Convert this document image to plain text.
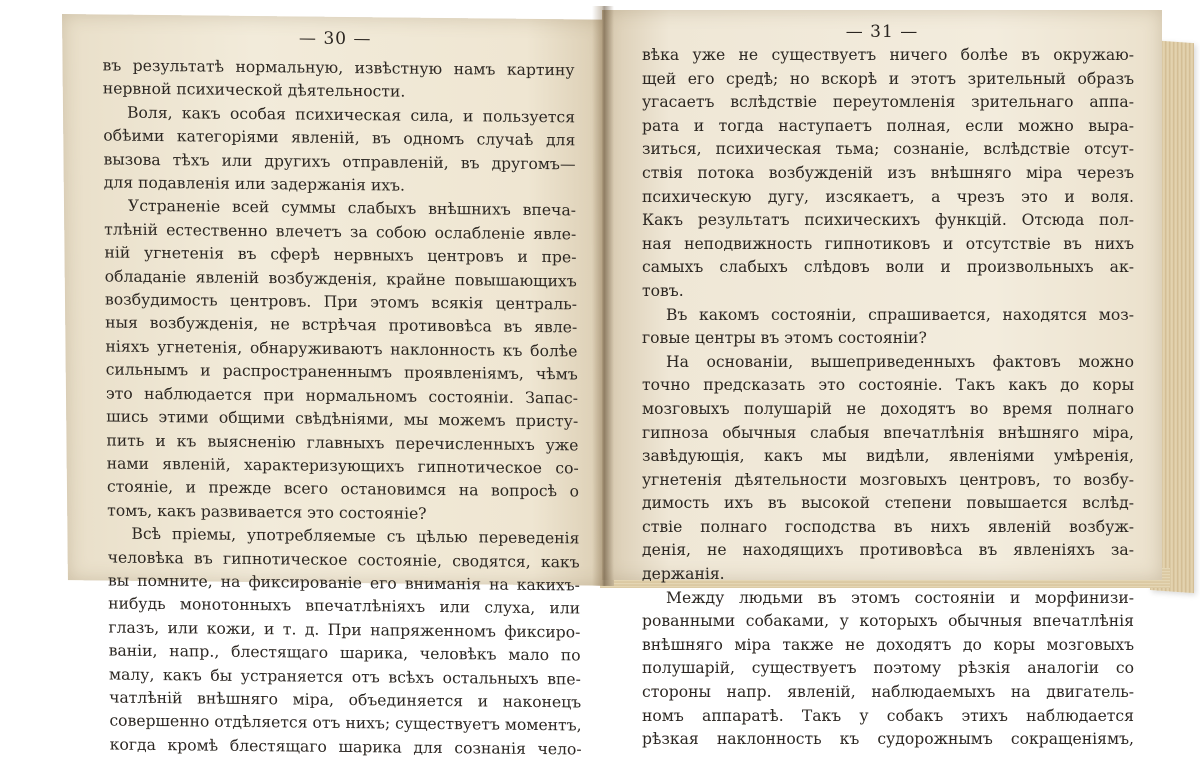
— 30 —
въ результатѣ нормальную, извѣстную намъ картину
нервной психической дѣятельности.
Воля, какъ особая психическая сила, и пользуется
обѣими категоріями явленій, въ одномъ случаѣ для
вызова тѣхъ или другихъ отправленій, въ другомъ—
для подавленія или задержанія ихъ.
Устраненіе всей суммы слабыхъ внѣшнихъ впеча-
тлѣній естественно влечетъ за собою ослабленіе явле-
ній угнетенія въ сферѣ нервныхъ центровъ и пре-
обладаніе явленій возбужденія, крайне повышающихъ
возбудимость центровъ. При этомъ всякія централь-
ныя возбужденія, не встрѣчая противовѣса въ явле-
ніяхъ угнетенія, обнаруживаютъ наклонность къ болѣе
сильнымъ и распространеннымъ проявленіямъ, чѣмъ
это наблюдается при нормальномъ состояніи. Запас-
шись этими общими свѣдѣніями, мы можемъ присту-
пить и къ выясненію главныхъ перечисленныхъ уже
нами явленій, характеризующихъ гипнотическое со-
стояніе, и прежде всего остановимся на вопросѣ о
томъ, какъ развивается это состояніе?
Всѣ пріемы, употребляемые съ цѣлью переведенія
человѣка въ гипнотическое состояніе, сводятся, какъ
вы помните, на фиксированіе его вниманія на какихъ-
нибудь монотонныхъ впечатлѣніяхъ или слуха, или
глазъ, или кожи, и т. д. При напряженномъ фиксиро-
ваніи, напр., блестящаго шарика, человѣкъ мало по
малу, какъ бы устраняется отъ всѣхъ остальныхъ впе-
чатлѣній внѣшняго міра, объединяется и наконецъ
совершенно отдѣляется отъ нихъ; существуетъ моментъ,
когда кромѣ блестящаго шарика для сознанія чело-
— 31 —
вѣка уже не существуетъ ничего болѣе въ окружаю-
щей его средѣ; но вскорѣ и этотъ зрительный образъ
угасаетъ вслѣдствіе переутомленія зрительнаго аппа-
рата и тогда наступаетъ полная, если можно выра-
зиться, психическая тьма; сознаніе, вслѣдствіе отсут-
ствія потока возбужденій изъ внѣшняго міра черезъ
психическую дугу, изсякаетъ, а чрезъ это и воля.
Какъ результатъ психическихъ функцій. Отсюда пол-
ная неподвижность гипнотиковъ и отсутствіе въ нихъ
самыхъ слабыхъ слѣдовъ воли и произвольныхъ ак-
товъ.
Въ какомъ состояніи, спрашивается, находятся моз-
говые центры въ этомъ состояніи?
На основаніи, вышеприведенныхъ фактовъ можно
точно предсказать это состояніе. Такъ какъ до коры
мозговыхъ полушарій не доходятъ во время полнаго
гипноза обычныя слабыя впечатлѣнія внѣшняго міра,
завѣдующія, какъ мы видѣли, явленіями умѣренія,
угнетенія дѣятельности мозговыхъ центровъ, то возбу-
димость ихъ въ высокой степени повышается вслѣд-
ствіе полнаго господства въ нихъ явленій возбуж-
денія, не находящихъ противовѣса въ явленіяхъ за-
держанія.
Между людьми въ этомъ состояніи и морфинизи-
рованными собаками, у которыхъ обычныя впечатлѣнія
внѣшняго міра также не доходятъ до коры мозговыхъ
полушарій, существуетъ поэтому рѣзкія аналогіи со
стороны напр. явленій, наблюдаемыхъ на двигатель-
номъ аппаратѣ. Такъ у собакъ этихъ наблюдается
рѣзкая наклонность къ судорожнымъ сокращеніямъ,
